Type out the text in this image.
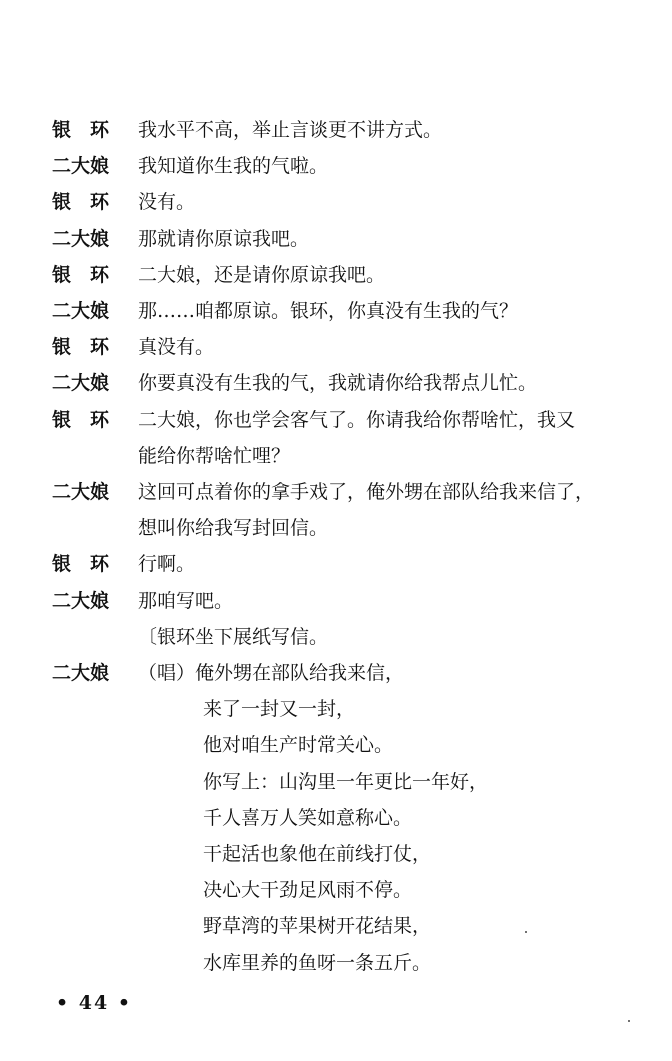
银　环	我水平不高，举止言谈更不讲方式。
二大娘	我知道你生我的气啦。
银　环	没有。
二大娘	那就请你原谅我吧。
银　环	二大娘，还是请你原谅我吧。
二大娘	那……咱都原谅。银环，你真没有生我的气？
银　环	真没有。
二大娘	你要真没有生我的气，我就请你给我帮点儿忙。
银　环	二大娘，你也学会客气了。你请我给你帮啥忙，我又
能给你帮啥忙哩？
二大娘	这回可点着你的拿手戏了，俺外甥在部队给我来信了，
想叫你给我写封回信。
银　环	行啊。
二大娘	那咱写吧。
〔银环坐下展纸写信。
二大娘	（唱）俺外甥在部队给我来信，
来了一封又一封，
他对咱生产时常关心。
你写上：山沟里一年更比一年好，
千人喜万人笑如意称心。
干起活也象他在前线打仗，
决心大干劲足风雨不停。
野草湾的苹果树开花结果，
水库里养的鱼呀一条五斤。
• 44 •
